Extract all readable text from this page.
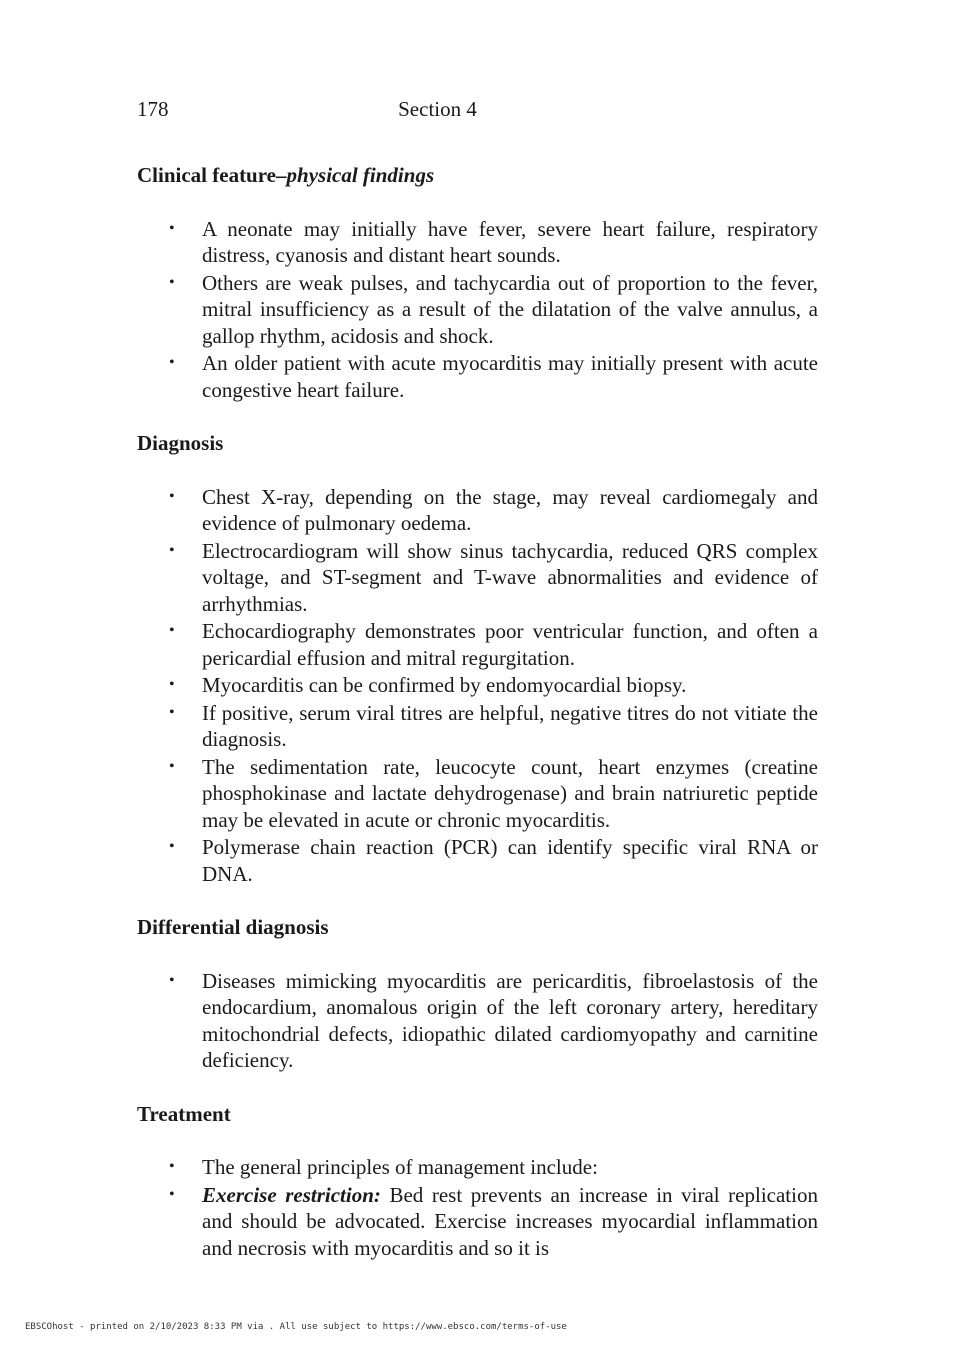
178	Section 4
Clinical feature–physical findings
• A neonate may initially have fever, severe heart failure, respiratory distress, cyanosis and distant heart sounds.
• Others are weak pulses, and tachycardia out of proportion to the fever, mitral insufficiency as a result of the dilatation of the valve annulus, a gallop rhythm, acidosis and shock.
• An older patient with acute myocarditis may initially present with acute congestive heart failure.
Diagnosis
• Chest X-ray, depending on the stage, may reveal cardiomegaly and evidence of pulmonary oedema.
• Electrocardiogram will show sinus tachycardia, reduced QRS complex voltage, and ST-segment and T-wave abnormalities and evidence of arrhythmias.
• Echocardiography demonstrates poor ventricular function, and often a pericardial effusion and mitral regurgitation.
• Myocarditis can be confirmed by endomyocardial biopsy.
• If positive, serum viral titres are helpful, negative titres do not vitiate the diagnosis.
• The sedimentation rate, leucocyte count, heart enzymes (creatine phosphokinase and lactate dehydrogenase) and brain natriuretic peptide may be elevated in acute or chronic myocarditis.
• Polymerase chain reaction (PCR) can identify specific viral RNA or DNA.
Differential diagnosis
• Diseases mimicking myocarditis are pericarditis, fibroelastosis of the endocardium, anomalous origin of the left coronary artery, hereditary mitochondrial defects, idiopathic dilated cardiomyopathy and carnitine deficiency.
Treatment
• The general principles of management include:
• Exercise restriction: Bed rest prevents an increase in viral replication and should be advocated. Exercise increases myocardial inflammation and necrosis with myocarditis and so it is
EBSCOhost - printed on 2/10/2023 8:33 PM via . All use subject to https://www.ebsco.com/terms-of-use
